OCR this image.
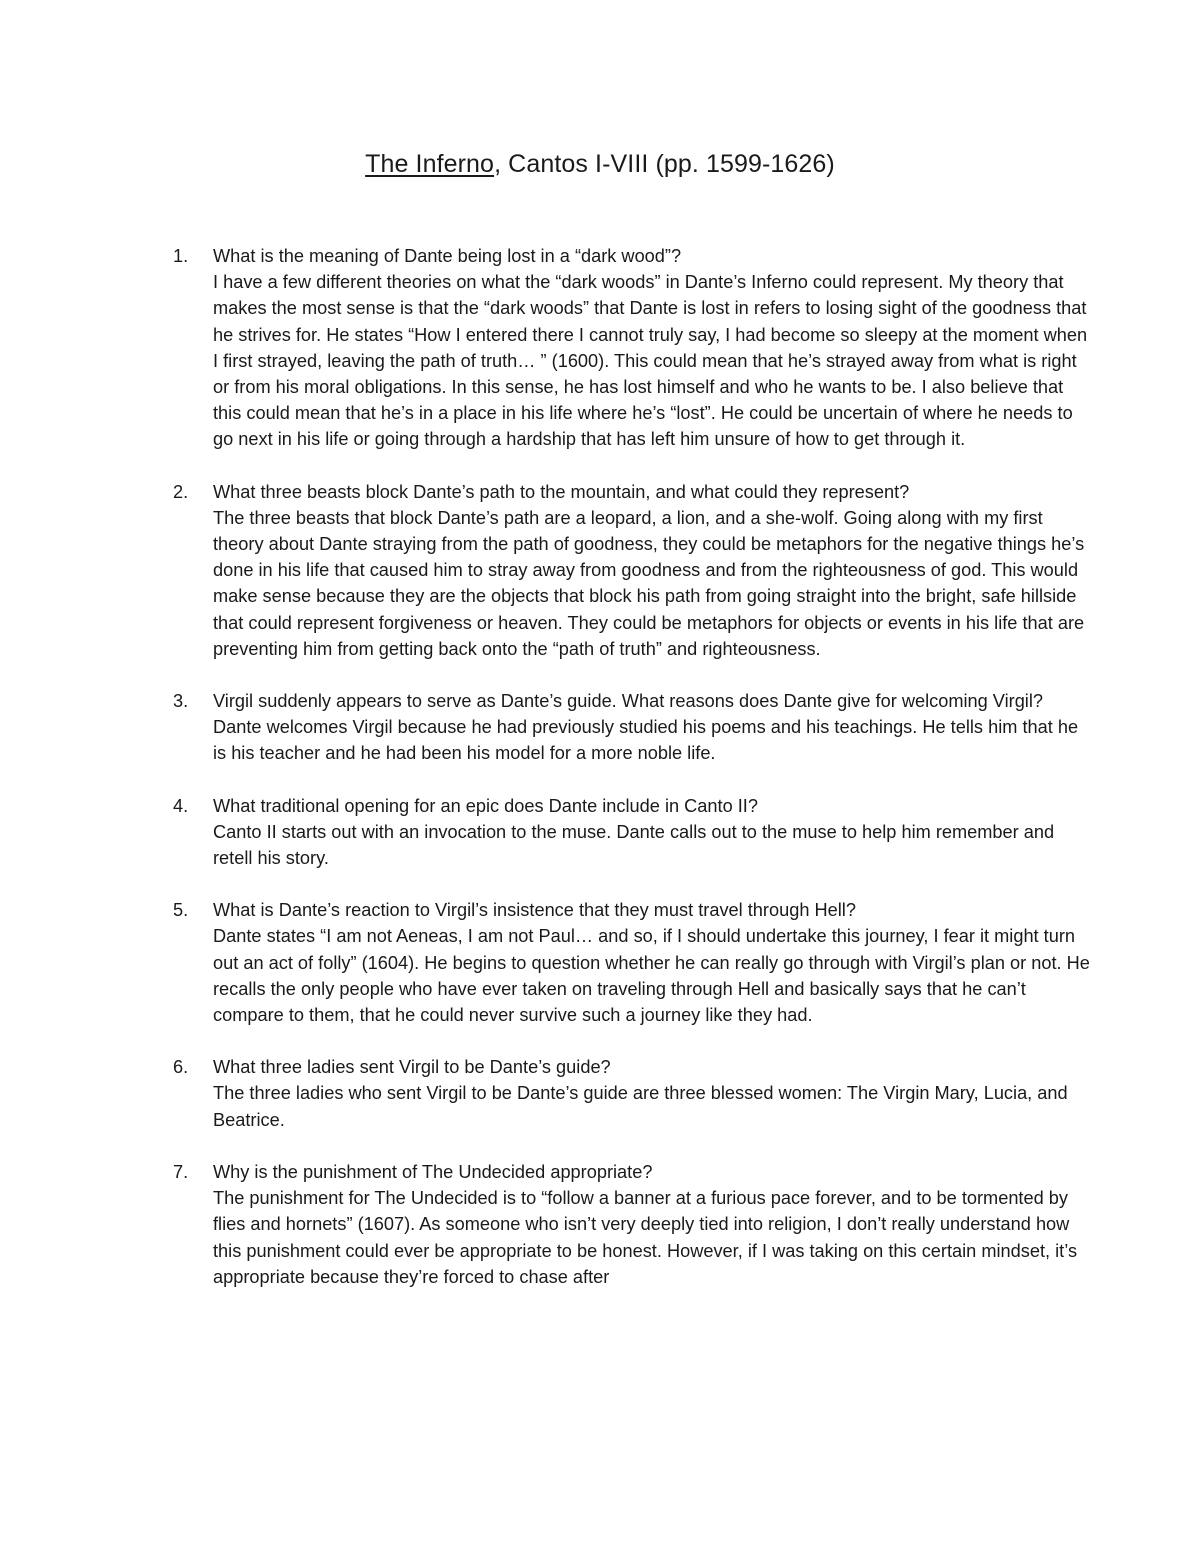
The Inferno, Cantos I-VIII (pp. 1599-1626)
1.	What is the meaning of Dante being lost in a “dark wood”?
I have a few different theories on what the “dark woods” in Dante’s Inferno could represent. My theory that makes the most sense is that the “dark woods” that Dante is lost in refers to losing sight of the goodness that he strives for. He states “How I entered there I cannot truly say, I had become so sleepy at the moment when I first strayed, leaving the path of truth… ” (1600). This could mean that he’s strayed away from what is right or from his moral obligations. In this sense, he has lost himself and who he wants to be. I also believe that this could mean that he’s in a place in his life where he’s “lost”. He could be uncertain of where he needs to go next in his life or going through a hardship that has left him unsure of how to get through it.
2.	What three beasts block Dante’s path to the mountain, and what could they represent?
The three beasts that block Dante’s path are a leopard, a lion, and a she-wolf. Going along with my first theory about Dante straying from the path of goodness, they could be metaphors for the negative things he’s done in his life that caused him to stray away from goodness and from the righteousness of god. This would make sense because they are the objects that block his path from going straight into the bright, safe hillside that could represent forgiveness or heaven. They could be metaphors for objects or events in his life that are preventing him from getting back onto the “path of truth” and righteousness.
3.	Virgil suddenly appears to serve as Dante’s guide. What reasons does Dante give for welcoming Virgil?
Dante welcomes Virgil because he had previously studied his poems and his teachings. He tells him that he is his teacher and he had been his model for a more noble life.
4.	What traditional opening for an epic does Dante include in Canto II?
Canto II starts out with an invocation to the muse. Dante calls out to the muse to help him remember and retell his story.
5.	What is Dante’s reaction to Virgil’s insistence that they must travel through Hell?
Dante states “I am not Aeneas, I am not Paul… and so, if I should undertake this journey, I fear it might turn out an act of folly” (1604). He begins to question whether he can really go through with Virgil’s plan or not. He recalls the only people who have ever taken on traveling through Hell and basically says that he can’t compare to them, that he could never survive such a journey like they had.
6.	What three ladies sent Virgil to be Dante’s guide?
The three ladies who sent Virgil to be Dante’s guide are three blessed women: The Virgin Mary, Lucia, and Beatrice.
7.	Why is the punishment of The Undecided appropriate?
The punishment for The Undecided is to “follow a banner at a furious pace forever, and to be tormented by flies and hornets” (1607). As someone who isn’t very deeply tied into religion, I don’t really understand how this punishment could ever be appropriate to be honest. However, if I was taking on this certain mindset, it’s appropriate because they’re forced to chase after
